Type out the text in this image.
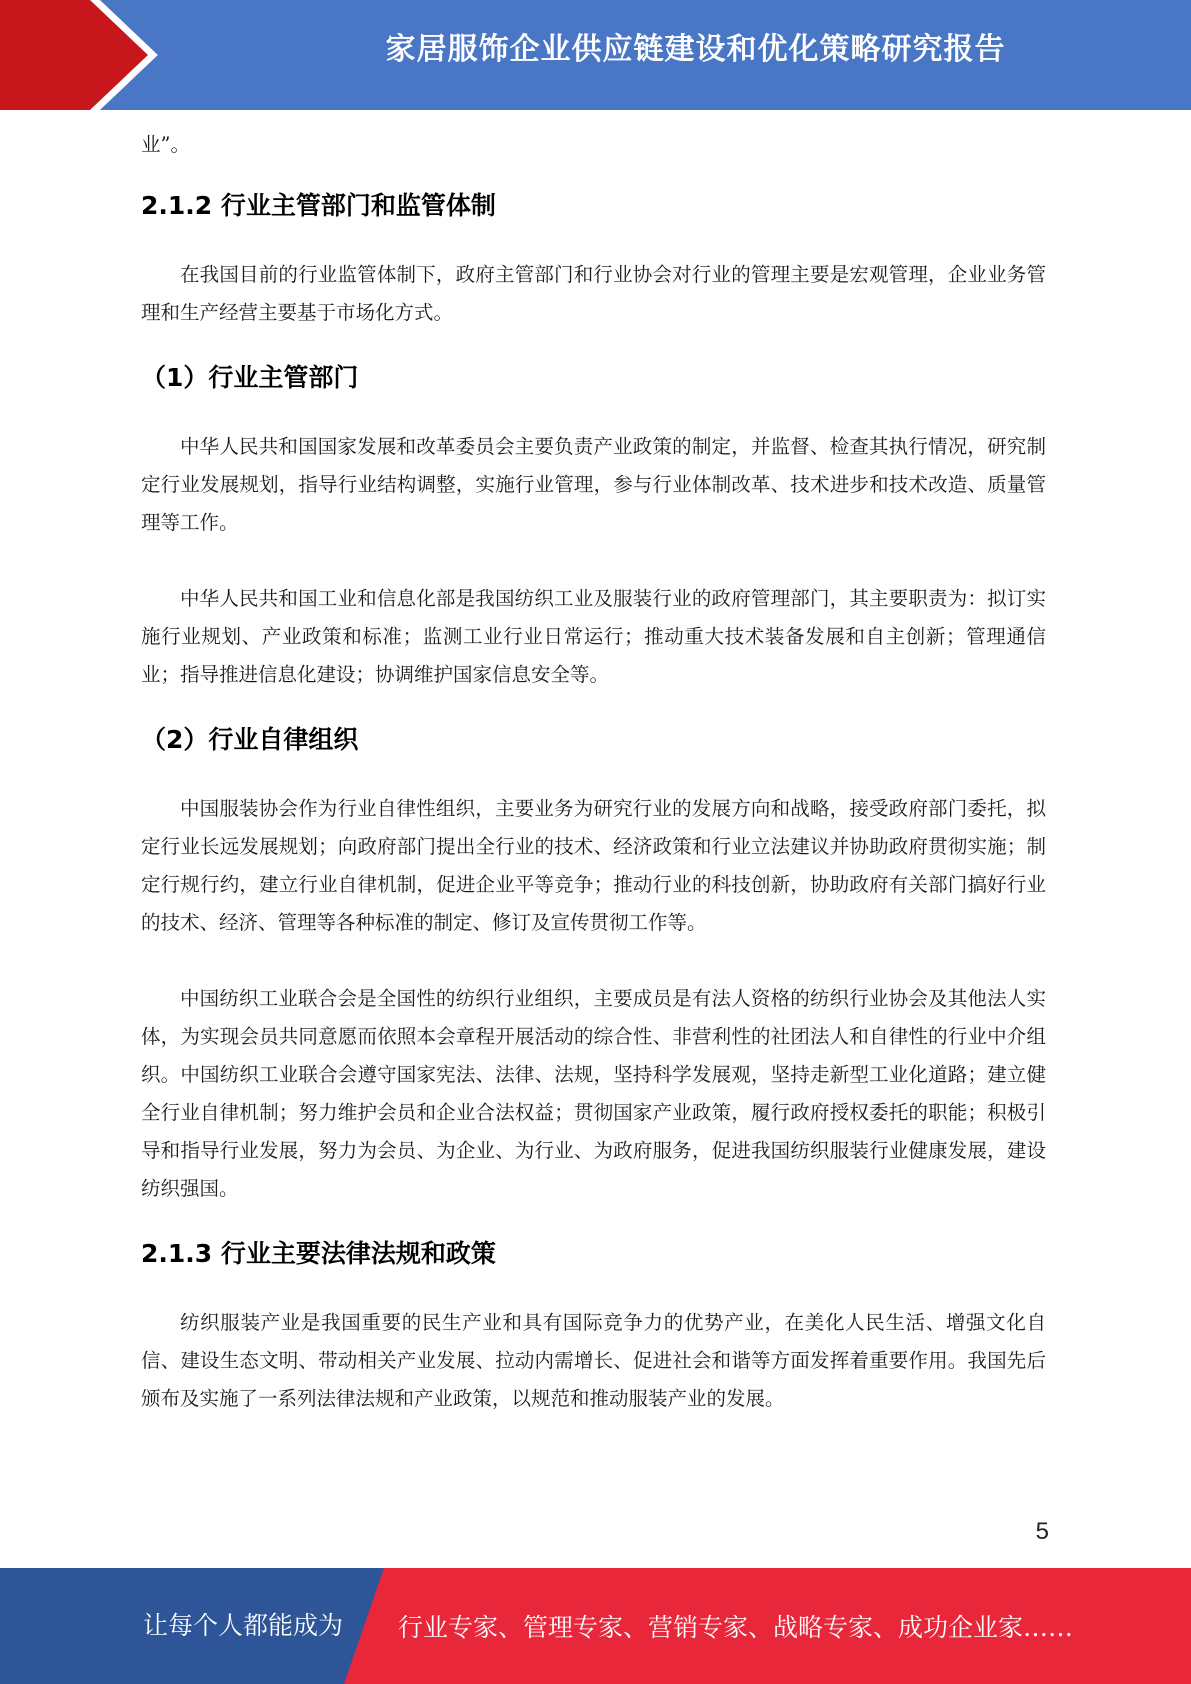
家居服饰企业供应链建设和优化策略研究报告

业”。

2.1.2 行业主管部门和监管体制

在我国目前的行业监管体制下，政府主管部门和行业协会对行业的管理主要是宏观管理，企业业务管理和生产经营主要基于市场化方式。

（1）行业主管部门

中华人民共和国国家发展和改革委员会主要负责产业政策的制定，并监督、检查其执行情况，研究制定行业发展规划，指导行业结构调整，实施行业管理，参与行业体制改革、技术进步和技术改造、质量管理等工作。

中华人民共和国工业和信息化部是我国纺织工业及服装行业的政府管理部门，其主要职责为：拟订实施行业规划、产业政策和标准；监测工业行业日常运行；推动重大技术装备发展和自主创新；管理通信业；指导推进信息化建设；协调维护国家信息安全等。

（2）行业自律组织

中国服装协会作为行业自律性组织，主要业务为研究行业的发展方向和战略，接受政府部门委托，拟定行业长远发展规划；向政府部门提出全行业的技术、经济政策和行业立法建议并协助政府贯彻实施；制定行规行约，建立行业自律机制，促进企业平等竞争；推动行业的科技创新，协助政府有关部门搞好行业的技术、经济、管理等各种标准的制定、修订及宣传贯彻工作等。

中国纺织工业联合会是全国性的纺织行业组织，主要成员是有法人资格的纺织行业协会及其他法人实体，为实现会员共同意愿而依照本会章程开展活动的综合性、非营利性的社团法人和自律性的行业中介组织。中国纺织工业联合会遵守国家宪法、法律、法规，坚持科学发展观，坚持走新型工业化道路；建立健全行业自律机制；努力维护会员和企业合法权益；贯彻国家产业政策，履行政府授权委托的职能；积极引导和指导行业发展，努力为会员、为企业、为行业、为政府服务，促进我国纺织服装行业健康发展，建设纺织强国。

2.1.3 行业主要法律法规和政策

纺织服装产业是我国重要的民生产业和具有国际竞争力的优势产业，在美化人民生活、增强文化自信、建设生态文明、带动相关产业发展、拉动内需增长、促进社会和谐等方面发挥着重要作用。我国先后颁布及实施了一系列法律法规和产业政策，以规范和推动服装产业的发展。

5
让每个人都能成为 行业专家、管理专家、营销专家、战略专家、成功企业家……
